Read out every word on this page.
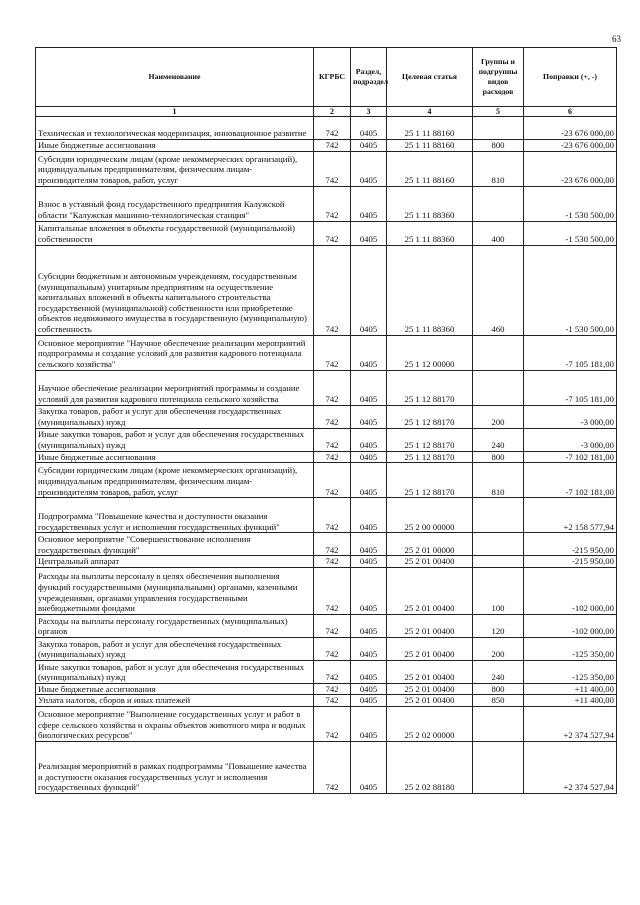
63
Наименование	КГРБС	Раздел, подраздел	Целевая статья	Группы и подгруппы видов расходов	Поправки (+, -)
1	2	3	4	5	6
Техническая и технологическая модернизация, инновационное развитие	742	0405	25 1 11 88160		-23 676 000,00
Иные бюджетные ассигнования	742	0405	25 1 11 88160	800	-23 676 000,00
Субсидии юридическим лицам (кроме некоммерческих организаций), индивидуальным предпринимателям, физическим лицам-производителям товаров, работ, услуг	742	0405	25 1 11 88160	810	-23 676 000,00
Взнос в уставный фонд государственного предприятия Калужской области "Калужская машинно-технологическая станция"	742	0405	25 1 11 88360		-1 530 500,00
Капитальные вложения в объекты государственной (муниципальной) собственности	742	0405	25 1 11 88360	400	-1 530 500,00
Субсидии бюджетным и автономным учреждениям, государственным (муниципальным) унитарным предприятиям на осуществление капитальных вложений в объекты капитального строительства государственной (муниципальной) собственности или приобретение объектов недвижимого имущества в государственную (муниципальную) собственность	742	0405	25 1 11 88360	460	-1 530 500,00
Основное мероприятие "Научное обеспечение реализации мероприятий подпрограммы и создание условий для развития кадрового потенциала сельского хозяйства"	742	0405	25 1 12 00000		-7 105 181,00
Научное обеспечение реализации мероприятий программы и создание условий для развития кадрового потенциала сельского хозяйства	742	0405	25 1 12 88170		-7 105 181,00
Закупка товаров, работ и услуг для обеспечения государственных (муниципальных) нужд	742	0405	25 1 12 88170	200	-3 000,00
Иные закупки товаров, работ и услуг для обеспечения государственных (муниципальных) нужд	742	0405	25 1 12 88170	240	-3 000,00
Иные бюджетные ассигнования	742	0405	25 1 12 88170	800	-7 102 181,00
Субсидии юридическим лицам (кроме некоммерческих организаций), индивидуальным предпринимателям, физическим лицам-производителям товаров, работ, услуг	742	0405	25 1 12 88170	810	-7 102 181,00
Подпрограмма "Повышение качества и доступности оказания государственных услуг и исполнения государственных функций"	742	0405	25 2 00 00000		+2 158 577,94
Основное мероприятие "Совершенствование исполнения государственных функций"	742	0405	25 2 01 00000		-215 950,00
Центральный аппарат	742	0405	25 2 01 00400		-215 950,00
Расходы на выплаты персоналу в целях обеспечения выполнения функций государственными (муниципальными) органами, казенными учреждениями, органами управления государственными внебюджетными фондами	742	0405	25 2 01 00400	100	-102 000,00
Расходы на выплаты персоналу государственных (муниципальных) органов	742	0405	25 2 01 00400	120	-102 000,00
Закупка товаров, работ и услуг для обеспечения государственных (муниципальных) нужд	742	0405	25 2 01 00400	200	-125 350,00
Иные закупки товаров, работ и услуг для обеспечения государственных (муниципальных) нужд	742	0405	25 2 01 00400	240	-125 350,00
Иные бюджетные ассигнования	742	0405	25 2 01 00400	800	+11 400,00
Уплата налогов, сборов и иных платежей	742	0405	25 2 01 00400	850	+11 400,00
Основное мероприятие "Выполнение государственных услуг и работ в сфере сельского хозяйства и охраны объектов животного мира и водных биологических ресурсов"	742	0405	25 2 02 00000		+2 374 527,94
Реализация мероприятий в рамках подпрограммы "Повышение качества и доступности оказания государственных услуг и исполнения государственных функций"	742	0405	25 2 02 88180		+2 374 527,94
